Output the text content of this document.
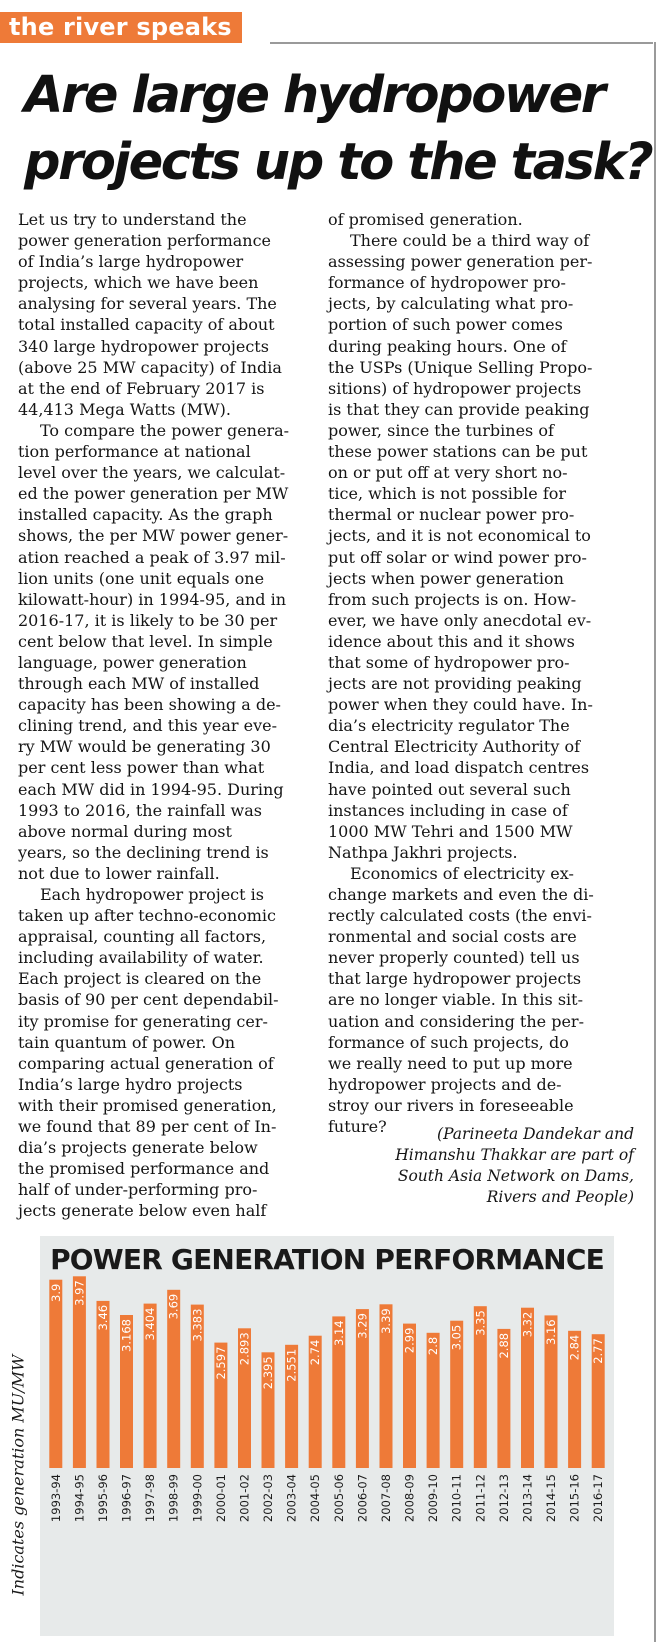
the river speaks
Are large hydropower
projects up to the task?
Let us try to understand the
power generation performance
of India’s large hydropower
projects, which we have been
analysing for several years. The
total installed capacity of about
340 large hydropower projects
(above 25 MW capacity) of India
at the end of February 2017 is
44,413 Mega Watts (MW).
To compare the power genera-
tion performance at national
level over the years, we calculat-
ed the power generation per MW
installed capacity. As the graph
shows, the per MW power gener-
ation reached a peak of 3.97 mil-
lion units (one unit equals one
kilowatt-hour) in 1994-95, and in
2016-17, it is likely to be 30 per
cent below that level. In simple
language, power generation
through each MW of installed
capacity has been showing a de-
clining trend, and this year eve-
ry MW would be generating 30
per cent less power than what
each MW did in 1994-95. During
1993 to 2016, the rainfall was
above normal during most
years, so the declining trend is
not due to lower rainfall.
Each hydropower project is
taken up after techno-economic
appraisal, counting all factors,
including availability of water.
Each project is cleared on the
basis of 90 per cent dependabil-
ity promise for generating cer-
tain quantum of power. On
comparing actual generation of
India’s large hydro projects
with their promised generation,
we found that 89 per cent of In-
dia’s projects generate below
the promised performance and
half of under-performing pro-
jects generate below even half
of promised generation.
There could be a third way of
assessing power generation per-
formance of hydropower pro-
jects, by calculating what pro-
portion of such power comes
during peaking hours. One of
the USPs (Unique Selling Propo-
sitions) of hydropower projects
is that they can provide peaking
power, since the turbines of
these power stations can be put
on or put off at very short no-
tice, which is not possible for
thermal or nuclear power pro-
jects, and it is not economical to
put off solar or wind power pro-
jects when power generation
from such projects is on. How-
ever, we have only anecdotal ev-
idence about this and it shows
that some of hydropower pro-
jects are not providing peaking
power when they could have. In-
dia’s electricity regulator The
Central Electricity Authority of
India, and load dispatch centres
have pointed out several such
instances including in case of
1000 MW Tehri and 1500 MW
Nathpa Jakhri projects.
Economics of electricity ex-
change markets and even the di-
rectly calculated costs (the envi-
ronmental and social costs are
never properly counted) tell us
that large hydropower projects
are no longer viable. In this sit-
uation and considering the per-
formance of such projects, do
we really need to put up more
hydropower projects and de-
stroy our rivers in foreseeable
future?	(Parineeta Dandekar and
Himanshu Thakkar are part of
South Asia Network on Dams,
Rivers and People)
POWER GENERATION PERFORMANCE
Indicates generation MU/MW
3.9
1993-94
3.97
1994-95
3.46
1995-96
3.168
1996-97
3.404
1997-98
3.69
1998-99
3.383
1999-00
2.597
2000-01
2.893
2001-02
2.395
2002-03
2.551
2003-04
2.74
2004-05
3.14
2005-06
3.29
2006-07
3.39
2007-08
2.99
2008-09
2.8
2009-10
3.05
2010-11
3.35
2011-12
2.88
2012-13
3.32
2013-14
3.16
2014-15
2.84
2015-16
2.77
2016-17
